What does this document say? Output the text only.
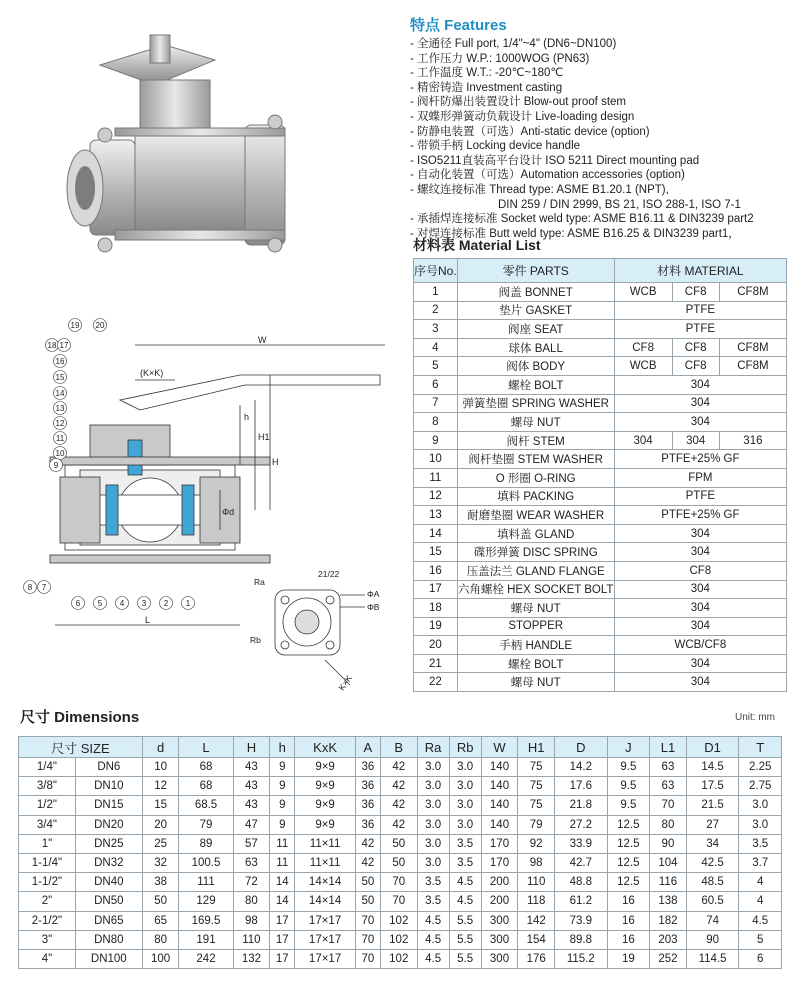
特点 Features
- 全通径 Full port, 1/4"~4" (DN6~DN100)
- 工作压力 W.P.: 1000WOG (PN63)
- 工作温度 W.T.: -20℃~180℃
- 精密铸造 Investment casting
- 阀杆防爆出装置设计 Blow-out proof stem
- 双蝶形弹簧动负载设计 Live-loading design
- 防静电装置（可选）Anti-static device (option)
- 带锁手柄 Locking device handle
- ISO5211直装高平台设计 ISO 5211 Direct mounting pad
- 自动化装置（可选）Automation accessories (option)
- 螺纹连接标准 Thread type: ASME B1.20.1 (NPT),
DIN 259 / DIN 2999, BS 21, ISO 288-1, ISO 7-1
- 承插焊连接标准 Socket weld type: ASME B16.11 & DIN3239 part2
- 对焊连接标准 Butt weld type: ASME B16.25 & DIN3239 part1，
材料表 Material List
序号No.	零件 PARTS	材料 MATERIAL		
1	阀盖 BONNET	WCB	CF8	CF8M
2	垫片 GASKET	PTFE		
3	阀座 SEAT	PTFE		
4	球体 BALL	CF8	CF8	CF8M
5	阀体 BODY	WCB	CF8	CF8M
6	螺栓 BOLT	304		
7	弹簧垫圈 SPRING WASHER	304		
8	螺母 NUT	304		
9	阀杆 STEM	304	304	316
10	阀杆垫圈 STEM WASHER	PTFE+25% GF		
11	O 形圈 O-RING	FPM		
12	填料 PACKING	PTFE		
13	耐磨垫圈 WEAR WASHER	PTFE+25% GF		
14	填料盖 GLAND	304		
15	碟形弹簧 DISC SPRING	304		
16	压盖法兰 GLAND FLANGE	CF8		
17	六角螺栓 HEX SOCKET BOLT	304		
18	螺母 NUT	304		
19	STOPPER	304		
20	手柄 HANDLE	WCB/CF8		
21	螺栓 BOLT	304		
22	螺母 NUT	304		
W
(K×K)
h
H1
H
Φd
L
19 20
18 17
16
15
14
13
12
11
10
9
8 7
6 5 4 3 2 1
Ra
Rb
21/22
ΦA
ΦB
K×K
尺寸 Dimensions	Unit: mm
尺寸 SIZE		d	L	H	h	KxK	A	B	Ra	Rb	W	H1	D	J	L1	D1	T
1/4"	DN6	10	68	43	9	9×9	36	42	3.0	3.0	140	75	14.2	9.5	63	14.5	2.25
3/8"	DN10	12	68	43	9	9×9	36	42	3.0	3.0	140	75	17.6	9.5	63	17.5	2.75
1/2"	DN15	15	68.5	43	9	9×9	36	42	3.0	3.0	140	75	21.8	9.5	70	21.5	3.0
3/4"	DN20	20	79	47	9	9×9	36	42	3.0	3.0	140	79	27.2	12.5	80	27	3.0
1"	DN25	25	89	57	11	11×11	42	50	3.0	3.5	170	92	33.9	12.5	90	34	3.5
1-1/4"	DN32	32	100.5	63	11	11×11	42	50	3.0	3.5	170	98	42.7	12.5	104	42.5	3.7
1-1/2"	DN40	38	111	72	14	14×14	50	70	3.5	4.5	200	110	48.8	12.5	116	48.5	4
2"	DN50	50	129	80	14	14×14	50	70	3.5	4.5	200	118	61.2	16	138	60.5	4
2-1/2"	DN65	65	169.5	98	17	17×17	70	102	4.5	5.5	300	142	73.9	16	182	74	4.5
3"	DN80	80	191	110	17	17×17	70	102	4.5	5.5	300	154	89.8	16	203	90	5
4"	DN100	100	242	132	17	17×17	70	102	4.5	5.5	300	176	115.2	19	252	114.5	6
